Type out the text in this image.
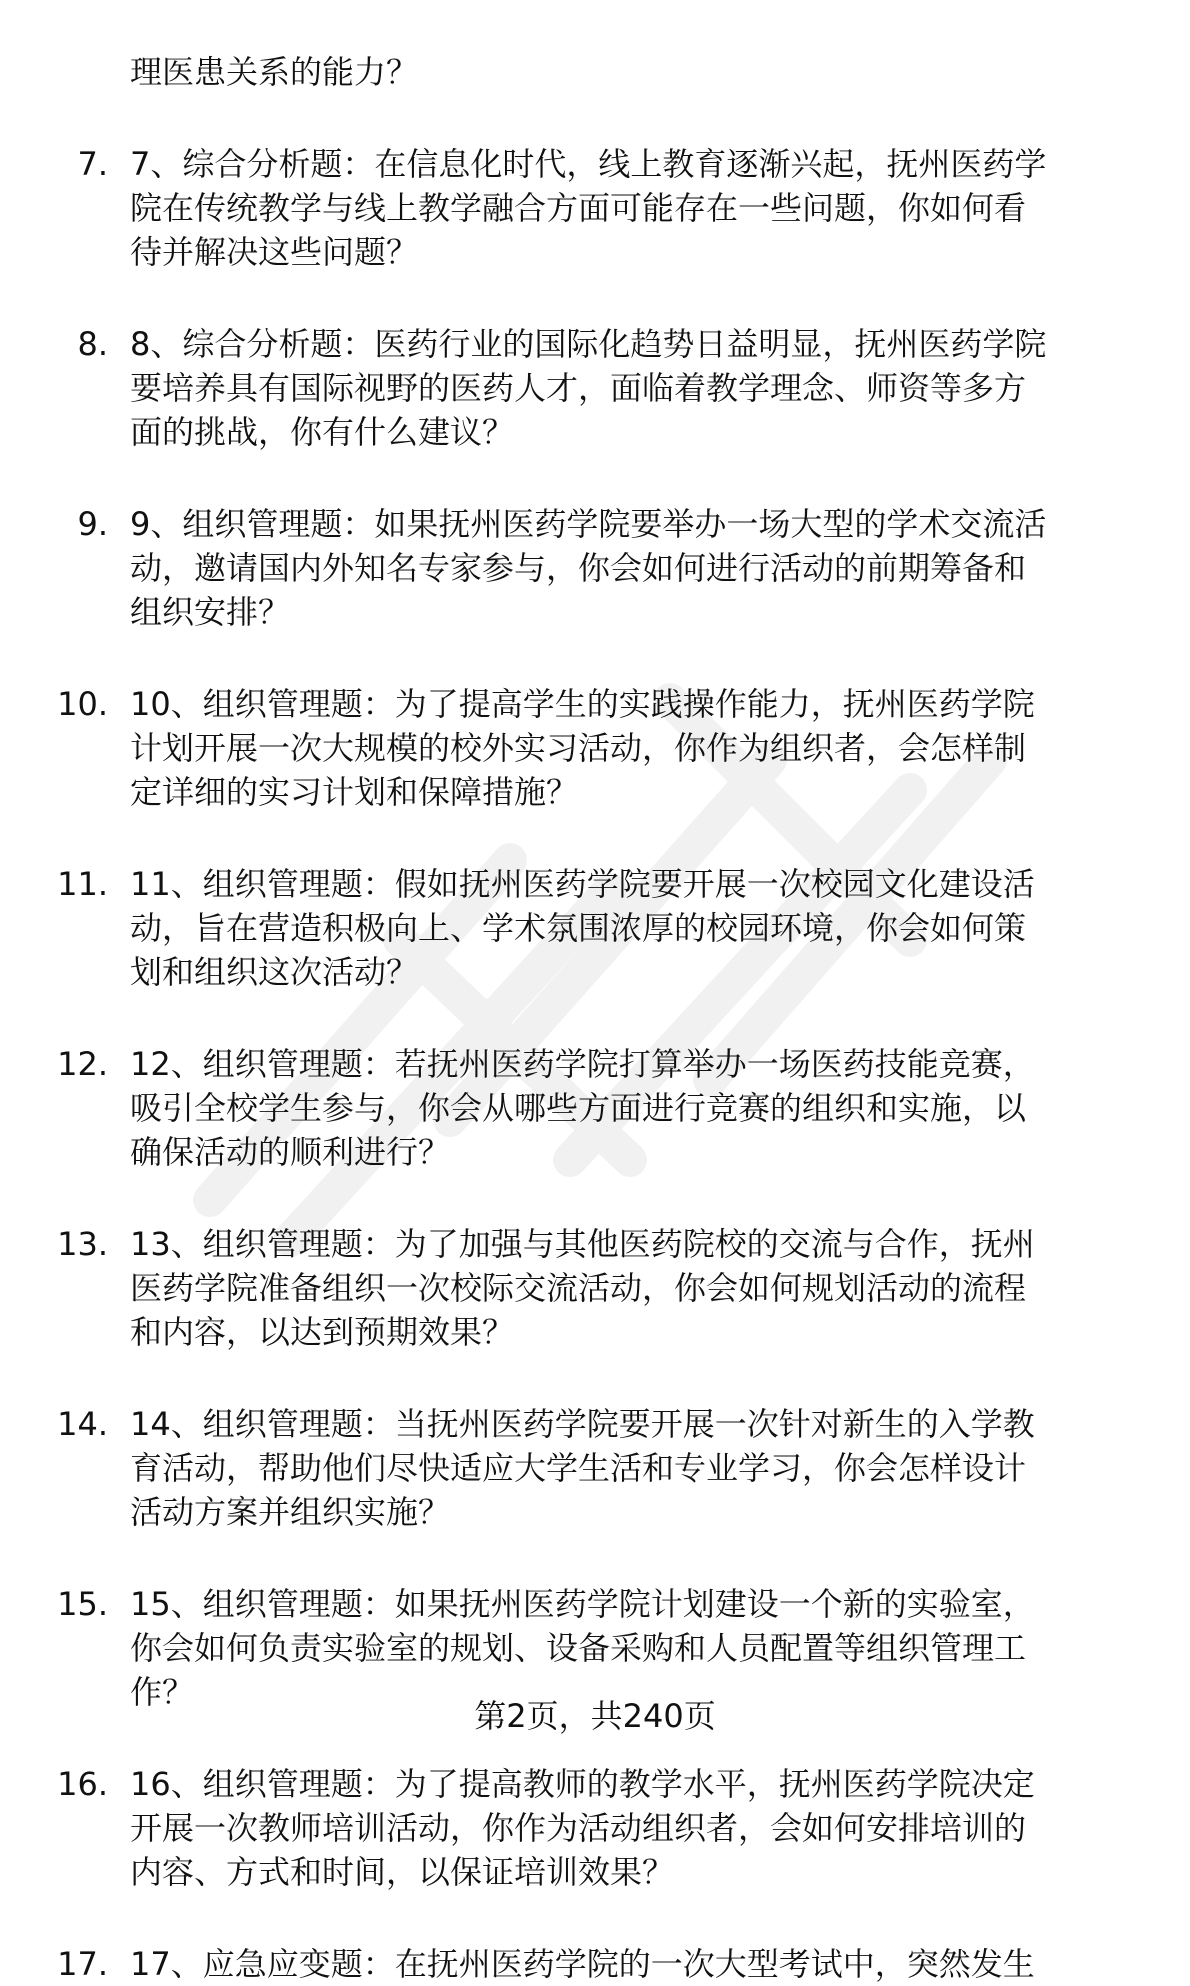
理医患关系的能力？
7. 7、综合分析题：在信息化时代，线上教育逐渐兴起，抚州医药学
院在传统教学与线上教学融合方面可能存在一些问题，你如何看
待并解决这些问题？
8. 8、综合分析题：医药行业的国际化趋势日益明显，抚州医药学院
要培养具有国际视野的医药人才，面临着教学理念、师资等多方
面的挑战，你有什么建议？
9. 9、组织管理题：如果抚州医药学院要举办一场大型的学术交流活
动，邀请国内外知名专家参与，你会如何进行活动的前期筹备和
组织安排？
10. 10、组织管理题：为了提高学生的实践操作能力，抚州医药学院
计划开展一次大规模的校外实习活动，你作为组织者，会怎样制
定详细的实习计划和保障措施？
11. 11、组织管理题：假如抚州医药学院要开展一次校园文化建设活
动，旨在营造积极向上、学术氛围浓厚的校园环境，你会如何策
划和组织这次活动？
12. 12、组织管理题：若抚州医药学院打算举办一场医药技能竞赛，
吸引全校学生参与，你会从哪些方面进行竞赛的组织和实施，以
确保活动的顺利进行？
13. 13、组织管理题：为了加强与其他医药院校的交流与合作，抚州
医药学院准备组织一次校际交流活动，你会如何规划活动的流程
和内容，以达到预期效果？
14. 14、组织管理题：当抚州医药学院要开展一次针对新生的入学教
育活动，帮助他们尽快适应大学生活和专业学习，你会怎样设计
活动方案并组织实施？
15. 15、组织管理题：如果抚州医药学院计划建设一个新的实验室，
你会如何负责实验室的规划、设备采购和人员配置等组织管理工
作？
16. 16、组织管理题：为了提高教师的教学水平，抚州医药学院决定
开展一次教师培训活动，你作为活动组织者，会如何安排培训的
内容、方式和时间，以保证培训效果？
17. 17、应急应变题：在抚州医药学院的一次大型考试中，突然发生
第2页，共240页
